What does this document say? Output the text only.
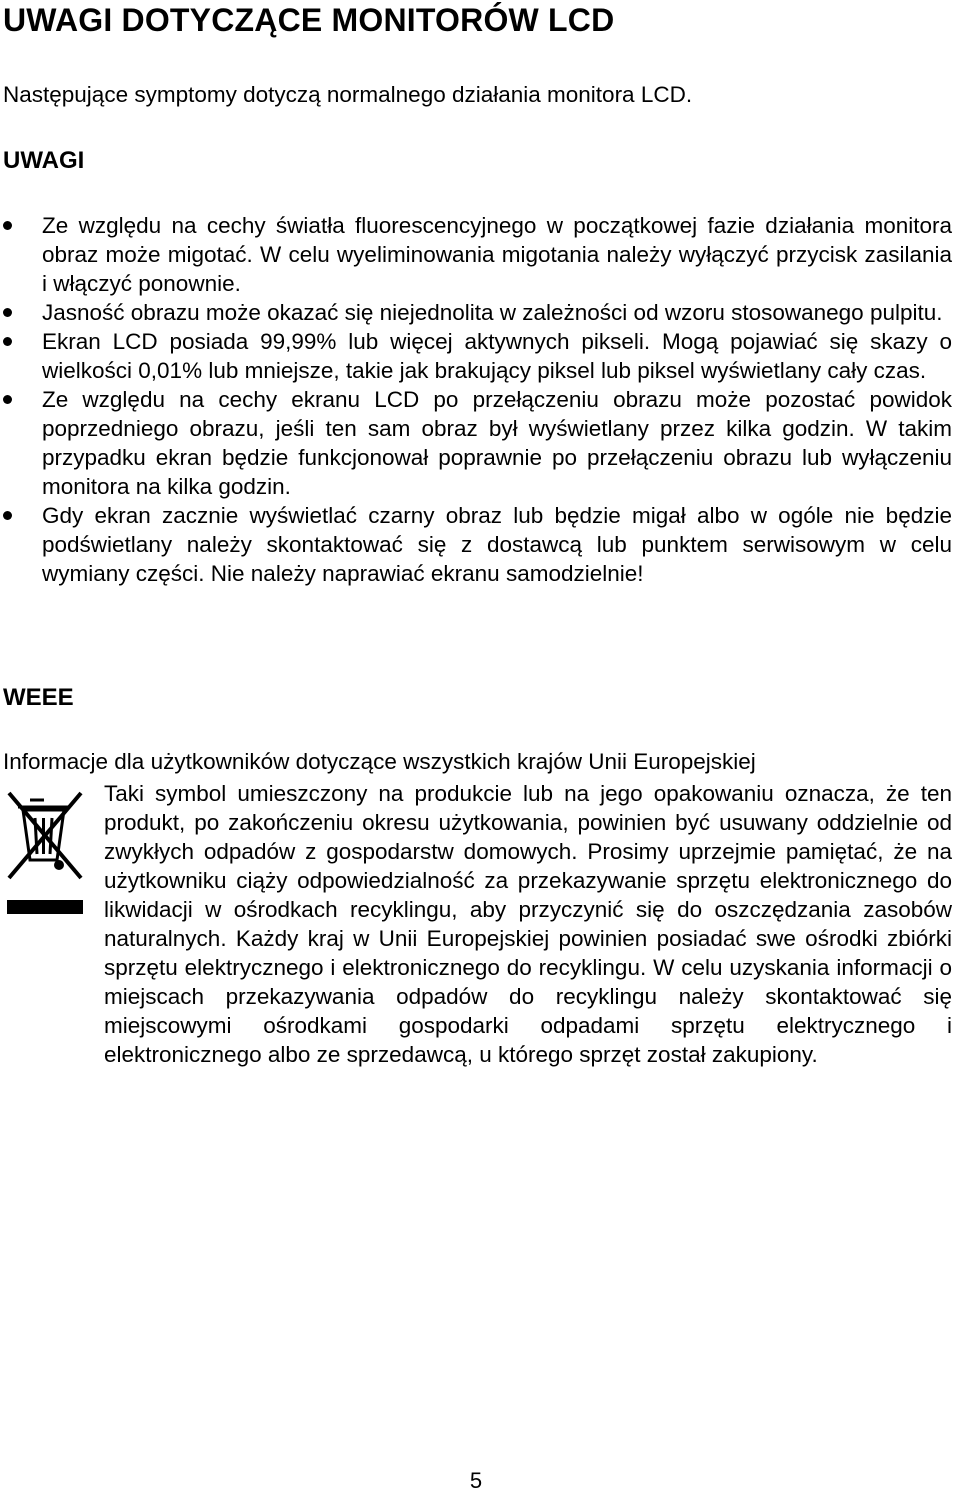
UWAGI DOTYCZĄCE MONITORÓW LCD

Następujące symptomy dotyczą normalnego działania monitora LCD.

UWAGI
Ze względu na cechy światła fluorescencyjnego w początkowej fazie działania monitora obraz może migotać. W celu wyeliminowania migotania należy wyłączyć przycisk zasilania i włączyć ponownie.
Jasność obrazu może okazać się niejednolita w zależności od wzoru stosowanego pulpitu.
Ekran LCD posiada 99,99% lub więcej aktywnych pikseli. Mogą pojawiać się skazy o wielkości 0,01% lub mniejsze, takie jak brakujący piksel lub piksel wyświetlany cały czas.
Ze względu na cechy ekranu LCD po przełączeniu obrazu może pozostać powidok poprzedniego obrazu, jeśli ten sam obraz był wyświetlany przez kilka godzin. W takim przypadku ekran będzie funkcjonował poprawnie po przełączeniu obrazu lub wyłączeniu monitora na kilka godzin.
Gdy ekran zacznie wyświetlać czarny obraz lub będzie migał albo w ogóle nie będzie podświetlany należy skontaktować się z dostawcą lub punktem serwisowym w celu wymiany części. Nie należy naprawiać ekranu samodzielnie!
WEEE

Informacje dla użytkowników dotyczące wszystkich krajów Unii Europejskiej

Taki symbol umieszczony na produkcie lub na jego opakowaniu oznacza, że ten produkt, po zakończeniu okresu użytkowania, powinien być usuwany oddzielnie od zwykłych odpadów z gospodarstw domowych. Prosimy uprzejmie pamiętać, że na użytkowniku ciąży odpowiedzialność za przekazywanie sprzętu elektronicznego do likwidacji w ośrodkach recyklingu, aby przyczynić się do oszczędzania zasobów naturalnych. Każdy kraj w Unii Europejskiej powinien posiadać swe ośrodki zbiórki sprzętu elektrycznego i elektronicznego do recyklingu. W celu uzyskania informacji o miejscach przekazywania odpadów do recyklingu należy skontaktować się miejscowymi ośrodkami gospodarki odpadami sprzętu elektrycznego i elektronicznego albo ze sprzedawcą, u którego sprzęt został zakupiony.

5
